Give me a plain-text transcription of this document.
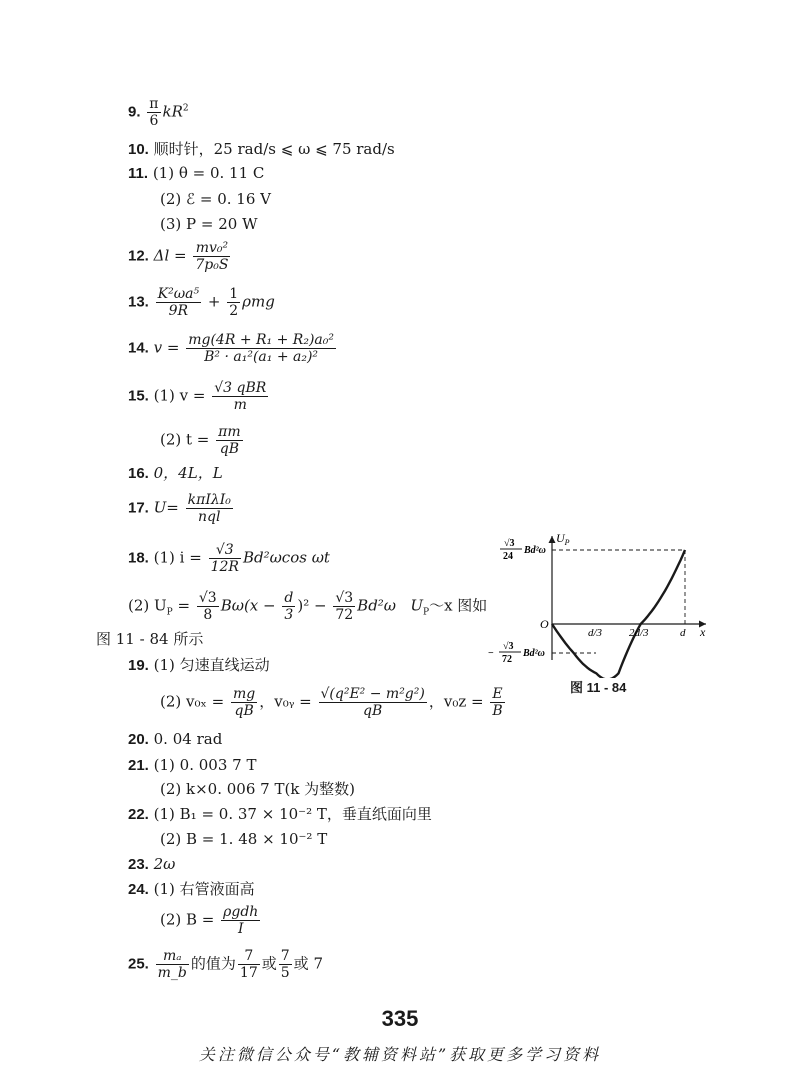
9. $\frac{\pi}{6} kR^2$
10. 顺时针，25 rad/s ⩽ ω ⩽ 75 rad/s
11. (1) θ = 0. 11 C
(2) ℰ = 0. 16 V
(3) P = 20 W
12. $\Delta l = \frac{\text{mv₀²}}{\text{7p₀S}}$
13. $\frac{\text{K²ωa⁵}}{9R} + \frac{1}{2}$ ρmg
14. $v = \frac{\text{mg(4R + R₁ + R₂)a₀²}}{\text{B² · a₁²(a₁ + a₂)²}}$
15. (1) $v = \frac{\text{√3 qBR}}{m}$
(2) $t = \frac{\pi m}{qB}$
16. 0，4L，L
17. $U= \frac{\text{kπIλI₀}}{\text{nql}}$
18. (1) $i = \frac{√3}{12R} Bd^2\omega\cos$ ωt
(2) $U_P = \frac{√3}{8} B\omega(x - \frac{d}{3} )^2 - \frac{√3}{72} Bd^2\omega$ $U_P\sim x$ 图如
图 11 - 84 所示
19. (1) 匀速直线运动
(2) $v_{0x} = \frac{mg}{qB}$ ，v₀ᵧ = $\frac{\text{√(q²E² − m²g²)}}{qB}$ ，$v_0z = \frac{E}{B}$
20. 0. 04 rad
21. (1) 0. 003 7 T
(2) k×0. 006 7 T(k 为整数)
22. (1) B₁ = 0. 37 × 10⁻² T，垂直纸面向里
(2) B = 1. 48 × 10⁻² T
23. 2ω
24. (1) 右管液面高
(2) $B = \frac{\text{ρgdh}}{I}$
25. $\frac{\text{mₐ}}{m\_b}$ 的值为 $\frac{7}{17}$ 或 $\frac{7}{5}$ 或 7
$U_P$
x
O
d/3 2d/3	d
√3
24
Bd²ω
−
√3
72
Bd²ω
图 11 - 84
335
关注微信公众号“教辅资料站”获取更多学习资料
